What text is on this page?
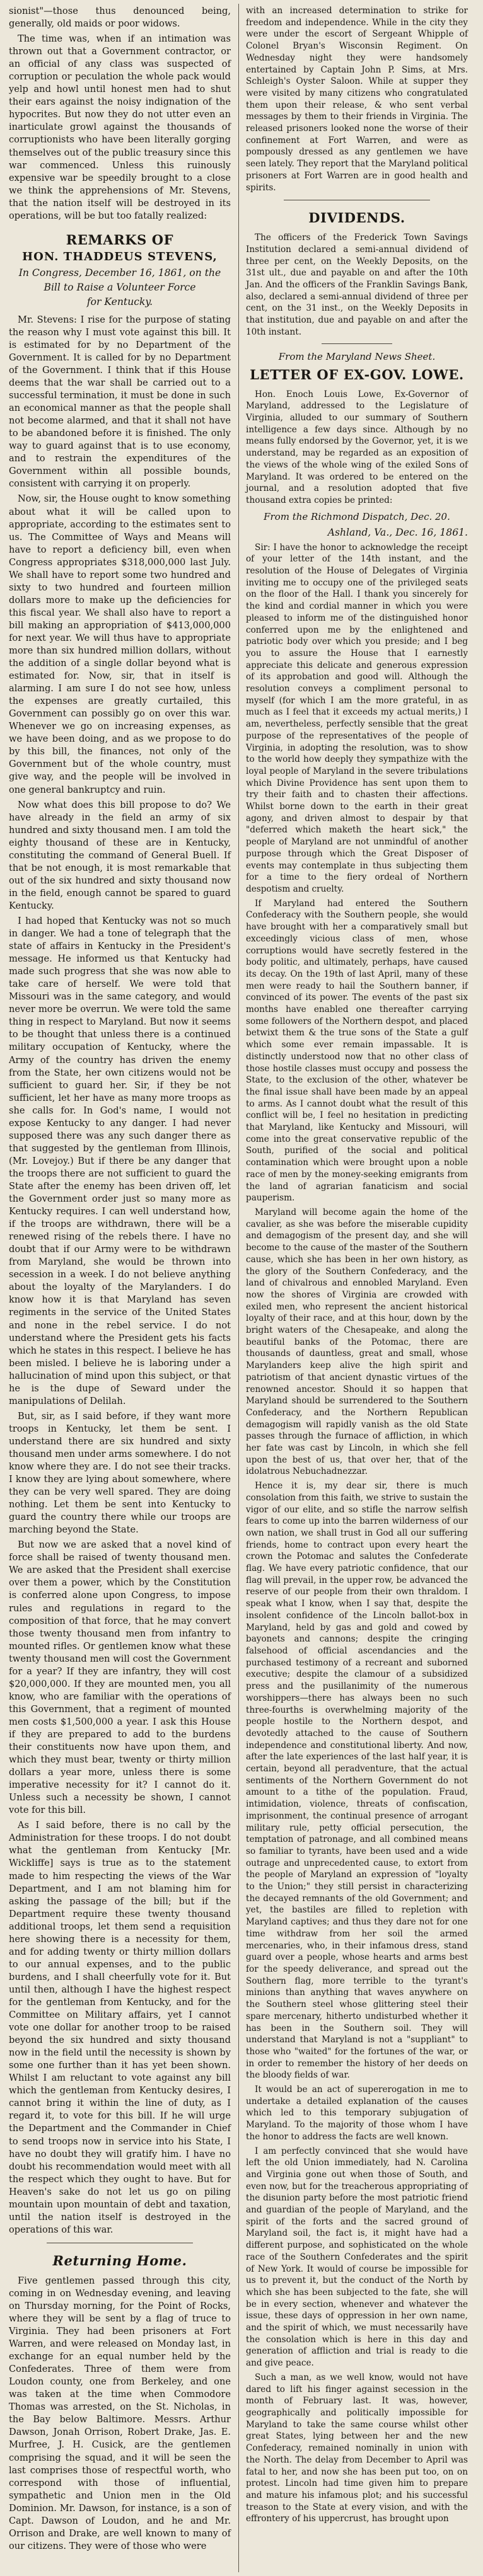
sionist"—those thus denounced being, generally, old maids or poor widows.

The time was, when if an intimation was thrown out that a Government contractor, or an official of any class was suspected of corruption or peculation the whole pack would yelp and howl until honest men had to shut their ears against the noisy indignation of the hypocrites. But now they do not utter even an inarticulate growl against the thousands of corruptionists who have been literally gorging themselves out of the public treasury since this war commenced. Unless this ruinously expensive war be speedily brought to a close we think the apprehensions of Mr. Stevens, that the nation itself will be destroyed in its operations, will be but too fatally realized:

REMARKS OF
HON. THADDEUS STEVENS,
In Congress, December 16, 1861, on the
Bill to Raise a Volunteer Force
for Kentucky.

Mr. Stevens: I rise for the purpose of stating the reason why I must vote against this bill. It is estimated for by no Department of the Government. It is called for by no Department of the Government. I think that if this House deems that the war shall be carried out to a successful termination, it must be done in such an economical manner as that the people shall not become alarmed, and that it shall not have to be abandoned before it is finished. The only way to guard against that is to use economy, and to restrain the expenditures of the Government within all possible bounds, consistent with carrying it on properly.

Now, sir, the House ought to know something about what it will be called upon to appropriate, according to the estimates sent to us. The Committee of Ways and Means will have to report a deficiency bill, even when Congress appropriates $318,000,000 last July. We shall have to report some two hundred and sixty to two hundred and fourteen million dollars more to make up the deficiencies for this fiscal year. We shall also have to report a bill making an appropriation of $413,000,000 for next year. We will thus have to appropriate more than six hundred million dollars, without the addition of a single dollar beyond what is estimated for. Now, sir, that in itself is alarming. I am sure I do not see how, unless the expenses are greatly curtailed, this Government can possibly go on over this war. Whenever we go on increasing expenses, as we have been doing, and as we propose to do by this bill, the finances, not only of the Government but of the whole country, must give way, and the people will be involved in one general bankruptcy and ruin.

Now what does this bill propose to do? We have already in the field an army of six hundred and sixty thousand men. I am told the eighty thousand of these are in Kentucky, constituting the command of General Buell. If that be not enough, it is most remarkable that out of the six hundred and sixty thousand now in the field, enough cannot be spared to guard Kentucky.

I had hoped that Kentucky was not so much in danger. We had a tone of telegraph that the state of affairs in Kentucky in the President's message. He informed us that Kentucky had made such progress that she was now able to take care of herself. We were told that Missouri was in the same category, and would never more be overrun. We were told the same thing in respect to Maryland. But now it seems to be thought that unless there is a continued military occupation of Kentucky, where the Army of the country has driven the enemy from the State, her own citizens would not be sufficient to guard her. Sir, if they be not sufficient, let her have as many more troops as she calls for. In God's name, I would not expose Kentucky to any danger. I had never supposed there was any such danger there as that suggested by the gentleman from Illinois, (Mr. Lovejoy.) But if there be any danger that the troops there are not sufficient to guard the State after the enemy has been driven off, let the Government order just so many more as Kentucky requires. I can well understand how, if the troops are withdrawn, there will be a renewed rising of the rebels there. I have no doubt that if our Army were to be withdrawn from Maryland, she would be thrown into secession in a week. I do not believe anything about the loyalty of the Marylanders. I do know how it is that Maryland has seven regiments in the service of the United States and none in the rebel service. I do not understand where the President gets his facts which he states in this respect. I believe he has been misled. I believe he is laboring under a hallucination of mind upon this subject, or that he is the dupe of Seward under the manipulations of Delilah.

But, sir, as I said before, if they want more troops in Kentucky, let them be sent. I understand there are six hundred and sixty thousand men under arms somewhere. I do not know where they are. I do not see their tracks. I know they are lying about somewhere, where they can be very well spared. They are doing nothing. Let them be sent into Kentucky to guard the country there while our troops are marching beyond the State.

But now we are asked that a novel kind of force shall be raised of twenty thousand men. We are asked that the President shall exercise over them a power, which by the Constitution is conferred alone upon Congress, to impose rules and regulations in regard to the composition of that force, that he may convert those twenty thousand men from infantry to mounted rifles. Or gentlemen know what these twenty thousand men will cost the Government for a year? If they are infantry, they will cost $20,000,000. If they are mounted men, you all know, who are familiar with the operations of this Government, that a regiment of mounted men costs $1,500,000 a year. I ask this House if they are prepared to add to the burdens their constituents now have upon them, and which they must bear, twenty or thirty million dollars a year more, unless there is some imperative necessity for it? I cannot do it. Unless such a necessity be shown, I cannot vote for this bill.

As I said before, there is no call by the Administration for these troops. I do not doubt what the gentleman from Kentucky [Mr. Wickliffe] says is true as to the statement made to him respecting the views of the War Department, and I am not blaming him for asking the passage of the bill; but if the Department require these twenty thousand additional troops, let them send a requisition here showing there is a necessity for them, and for adding twenty or thirty million dollars to our annual expenses, and to the public burdens, and I shall cheerfully vote for it. But until then, although I have the highest respect for the gentleman from Kentucky, and for the Committee on Military affairs, yet I cannot vote one dollar for another troop to be raised beyond the six hundred and sixty thousand now in the field until the necessity is shown by some one further than it has yet been shown. Whilst I am reluctant to vote against any bill which the gentleman from Kentucky desires, I cannot bring it within the line of duty, as I regard it, to vote for this bill. If he will urge the Department and the Commander in Chief to send troops now in service into his State, I have no doubt they will gratify him. I have no doubt his recommendation would meet with all the respect which they ought to have. But for Heaven's sake do not let us go on piling mountain upon mountain of debt and taxation, until the nation itself is destroyed in the operations of this war.

Returning Home.

Five gentlemen passed through this city, coming in on Wednesday evening, and leaving on Thursday morning, for the Point of Rocks, where they will be sent by a flag of truce to Virginia. They had been prisoners at Fort Warren, and were released on Monday last, in exchange for an equal number held by the Confederates. Three of them were from Loudon county, one from Berkeley, and one was taken at the time when Commodore Thomas was arrested, on the St. Nicholas, in the Bay below Baltimore. Messrs. Arthur Dawson, Jonah Orrison, Robert Drake, Jas. E. Murfree, J. H. Cusick, are the gentlemen comprising the squad, and it will be seen the last comprises those of respectful worth, who correspond with those of influential, sympathetic and Union men in the Old Dominion. Mr. Dawson, for instance, is a son of Capt. Dawson of Loudon, and he and Mr. Orrison and Drake, are well known to many of our citizens. They were of those who were

with an increased determination to strike for freedom and independence. While in the city they were under the escort of Sergeant Whipple of Colonel Bryan's Wisconsin Regiment. On Wednesday night they were handsomely entertained by Captain John P. Sims, at Mrs. Schleigh's Oyster Saloon. While at supper they were visited by many citizens who congratulated them upon their release, & who sent verbal messages by them to their friends in Virginia. The released prisoners looked none the worse of their confinement at Fort Warren, and were as pompously dressed as any gentlemen we have seen lately. They report that the Maryland political prisoners at Fort Warren are in good health and spirits.

DIVIDENDS.

The officers of the Frederick Town Savings Institution declared a semi-annual dividend of three per cent, on the Weekly Deposits, on the 31st ult., due and payable on and after the 10th Jan. And the officers of the Franklin Savings Bank, also, declared a semi-annual dividend of three per cent, on the 31 inst., on the Weekly Deposits in that institution, due and payable on and after the 10th instant.

From the Maryland News Sheet.
LETTER OF EX-GOV. LOWE.

Hon. Enoch Louis Lowe, Ex-Governor of Maryland, addressed to the Legislature of Virginia, alluded to our summary of Southern intelligence a few days since. Although by no means fully endorsed by the Governor, yet, it is we understand, may be regarded as an exposition of the views of the whole wing of the exiled Sons of Maryland. It was ordered to be entered on the journal, and a resolution adopted that five thousand extra copies be printed:

From the Richmond Dispatch, Dec. 20.
Ashland, Va., Dec. 16, 1861.

Sir: I have the honor to acknowledge the receipt of your letter of the 14th instant, and the resolution of the House of Delegates of Virginia inviting me to occupy one of the privileged seats on the floor of the Hall. I thank you sincerely for the kind and cordial manner in which you were pleased to inform me of the distinguished honor conferred upon me by the enlightened and patriotic body over which you preside; and I beg you to assure the House that I earnestly appreciate this delicate and generous expression of its approbation and good will. Although the resolution conveys a compliment personal to myself (for which I am the more grateful, in as much as I feel that it exceeds my actual merits,) I am, nevertheless, perfectly sensible that the great purpose of the representatives of the people of Virginia, in adopting the resolution, was to show to the world how deeply they sympathize with the loyal people of Maryland in the severe tribulations which Divine Providence has sent upon them to try their faith and to chasten their affections. Whilst borne down to the earth in their great agony, and driven almost to despair by that "deferred which maketh the heart sick," the people of Maryland are not unmindful of another purpose through which the Great Disposer of events may contemplate in thus subjecting them for a time to the fiery ordeal of Northern despotism and cruelty.

If Maryland had entered the Southern Confederacy with the Southern people, she would have brought with her a comparatively small but exceedingly vicious class of men, whose corruptions would have secretly festered in the body politic, and ultimately, perhaps, have caused its decay. On the 19th of last April, many of these men were ready to hail the Southern banner, if convinced of its power. The events of the past six months have enabled one thereafter carrying some followers of the Northern despot, and placed betwixt them & the true sons of the State a gulf which some ever remain impassable. It is distinctly understood now that no other class of those hostile classes must occupy and possess the State, to the exclusion of the other, whatever be the final issue shall have been made by an appeal to arms. As I cannot doubt what the result of this conflict will be, I feel no hesitation in predicting that Maryland, like Kentucky and Missouri, will come into the great conservative republic of the South, purified of the social and political contamination which were brought upon a noble race of men by the money-seeking emigrants from the land of agrarian fanaticism and social pauperism.

Maryland will become again the home of the cavalier, as she was before the miserable cupidity and demagogism of the present day, and she will become to the cause of the master of the Southern cause, which she has been in her own history, as the glory of the Southern Confederacy, and the land of chivalrous and ennobled Maryland. Even now the shores of Virginia are crowded with exiled men, who represent the ancient historical loyalty of their race, and at this hour, down by the bright waters of the Chesapeake, and along the beautiful banks of the Potomac, there are thousands of dauntless, great and small, whose Marylanders keep alive the high spirit and patriotism of that ancient dynastic virtues of the renowned ancestor. Should it so happen that Maryland should be surrendered to the Southern Confederacy, and the Northern Republican demagogism will rapidly vanish as the old State passes through the furnace of affliction, in which her fate was cast by Lincoln, in which she fell upon the best of us, that over her, that of the idolatrous Nebuchadnezzar.

Hence it is, my dear sir, there is much consolation from this faith, we strive to sustain the vigor of our elite, and so stifle the narrow selfish fears to come up into the barren wilderness of our own nation, we shall trust in God all our suffering friends, home to contract upon every heart the crown the Potomac and salutes the Confederate flag. We have every patriotic confidence, that our flag will prevail, in the upper row, be advanced the reserve of our people from their own thraldom. I speak what I know, when I say that, despite the insolent confidence of the Lincoln ballot-box in Maryland, held by gas and gold and cowed by bayonets and cannons; despite the cringing falsehood of official ascendancies and the purchased testimony of a recreant and suborned executive; despite the clamour of a subsidized press and the pusillanimity of the numerous worshippers—there has always been no such three-fourths is overwhelming majority of the people hostile to the Northern despot, and devotedly attached to the cause of Southern independence and constitutional liberty. And now, after the late experiences of the last half year, it is certain, beyond all peradventure, that the actual sentiments of the Northern Government do not amount to a tithe of the population. Fraud, intimidation, violence, threats of confiscation, imprisonment, the continual presence of arrogant military rule, petty official persecution, the temptation of patronage, and all combined means so familiar to tyrants, have been used and a wide outrage and unprecedented cause, to extort from the people of Maryland an expression of "loyalty to the Union;" they still persist in characterizing the decayed remnants of the old Government; and yet, the bastiles are filled to repletion with Maryland captives; and thus they dare not for one time withdraw from her soil the armed mercenaries, who, in their infamous dress, stand guard over a people, whose hearts and arms best for the speedy deliverance, and spread out the Southern flag, more terrible to the tyrant's minions than anything that waves anywhere on the Southern steel whose glittering steel their spare mercenary, hitherto undisturbed whether it has been in the Southern soil. They will understand that Maryland is not a "suppliant" to those who "waited" for the fortunes of the war, or in order to remember the history of her deeds on the bloody fields of war.

It would be an act of supererogation in me to undertake a detailed explanation of the causes which led to this temporary subjugation of Maryland. To the majority of those whom I have the honor to address the facts are well known.

I am perfectly convinced that she would have left the old Union immediately, had N. Carolina and Virginia gone out when those of South, and even now, but for the treacherous appropriating of the disunion party before the most patriotic friend and guardian of the people of Maryland, and the spirit of the forts and the sacred ground of Maryland soil, the fact is, it might have had a different purpose, and sophisticated on the whole race of the Southern Confederates and the spirit of New York. It would of course be impossible for us to prevent it, but the conduct of the North by which she has been subjected to the fate, she will be in every section, whenever and whatever the issue, these days of oppression in her own name, and the spirit of which, we must necessarily have the consolation which is here in this day and generation of affliction and trial is ready to die and give peace.

Such a man, as we well know, would not have dared to lift his finger against secession in the month of February last. It was, however, geographically and politically impossible for Maryland to take the same course whilst other great States, lying between her and the new Confederacy, remained nominally in union with the North. The delay from December to April was fatal to her, and now she has been put too, on on protest. Lincoln had time given him to prepare and mature his infamous plot; and his successful treason to the State at every vision, and with the effrontery of his uppercrust, has brought upon
